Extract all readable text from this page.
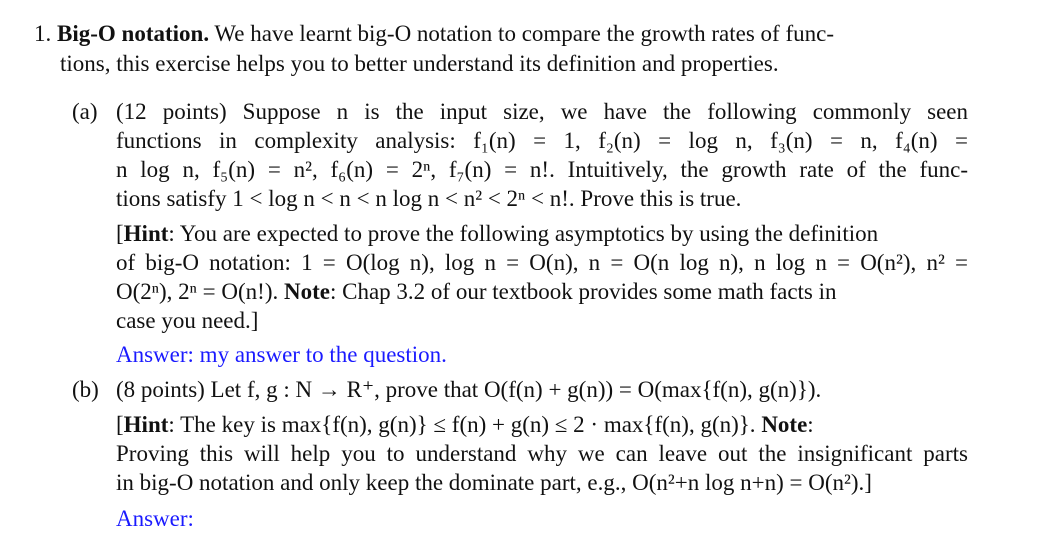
1. Big-O notation. We have learnt big-O notation to compare the growth rates of func-
tions, this exercise helps you to better understand its definition and properties.
(a) (12 points) Suppose n is the input size, we have the following commonly seen
functions in complexity analysis: f₁(n) = 1, f₂(n) = log n, f₃(n) = n, f₄(n) =
n log n, f₅(n) = n², f₆(n) = 2ⁿ, f₇(n) = n!. Intuitively, the growth rate of the func-
tions satisfy 1 < log n < n < n log n < n² < 2ⁿ < n!. Prove this is true.
[Hint: You are expected to prove the following asymptotics by using the definition
of big-O notation: 1 = O(log n), log n = O(n), n = O(n log n), n log n = O(n²), n² =
O(2ⁿ), 2ⁿ = O(n!). Note: Chap 3.2 of our textbook provides some math facts in
case you need.]
Answer: my answer to the question.
(b) (8 points) Let f, g : N → R⁺, prove that O(f(n) + g(n)) = O(max{f(n), g(n)}).
[Hint: The key is max{f(n), g(n)} ≤ f(n) + g(n) ≤ 2 · max{f(n), g(n)}. Note:
Proving this will help you to understand why we can leave out the insignificant parts
in big-O notation and only keep the dominate part, e.g., O(n²+n log n+n) = O(n²).]
Answer:
